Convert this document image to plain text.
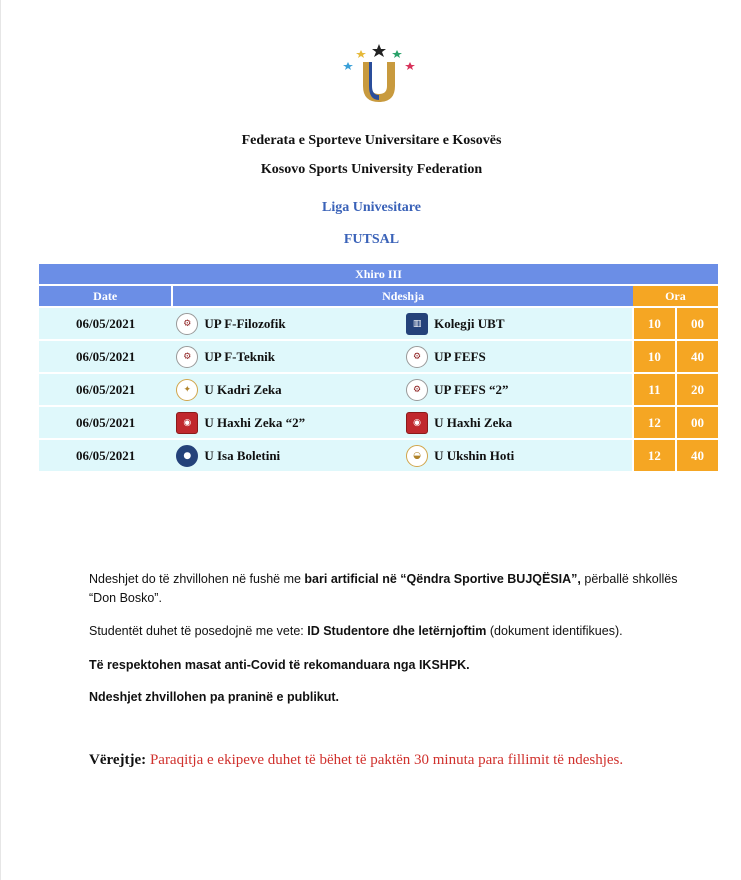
Federata e Sporteve Universitare e Kosovës
Kosovo Sports University Federation
Liga Univesitare
FUTSAL
Xhiro III				
Date	Ndeshja		Ora	
06/05/2021	⚙ UP F-Filozofik	▥ Kolegji UBT	10	00
06/05/2021	⚙ UP F-Teknik	⚙ UP FEFS	10	40
06/05/2021	✦ U Kadri Zeka	⚙ UP FEFS “2”	11	20
06/05/2021	◉ U Haxhi Zeka “2”	◉ U Haxhi Zeka	12	00
06/05/2021	● U Isa Boletini	◒ U Ukshin Hoti	12	40
Ndeshjet do të zhvillohen në fushë me bari artificial në “Qëndra Sportive BUJQËSIA”, përballë shkollës “Don Bosko”.
Studentët duhet të posedojnë me vete: ID Studentore dhe letërnjoftim (dokument identifikues).
Të respektohen masat anti-Covid të rekomanduara nga IKSHPK.
Ndeshjet zhvillohen pa praninë e publikut.
Vërejtje: Paraqitja e ekipeve duhet të bëhet të paktën 30 minuta para fillimit të ndeshjes.
